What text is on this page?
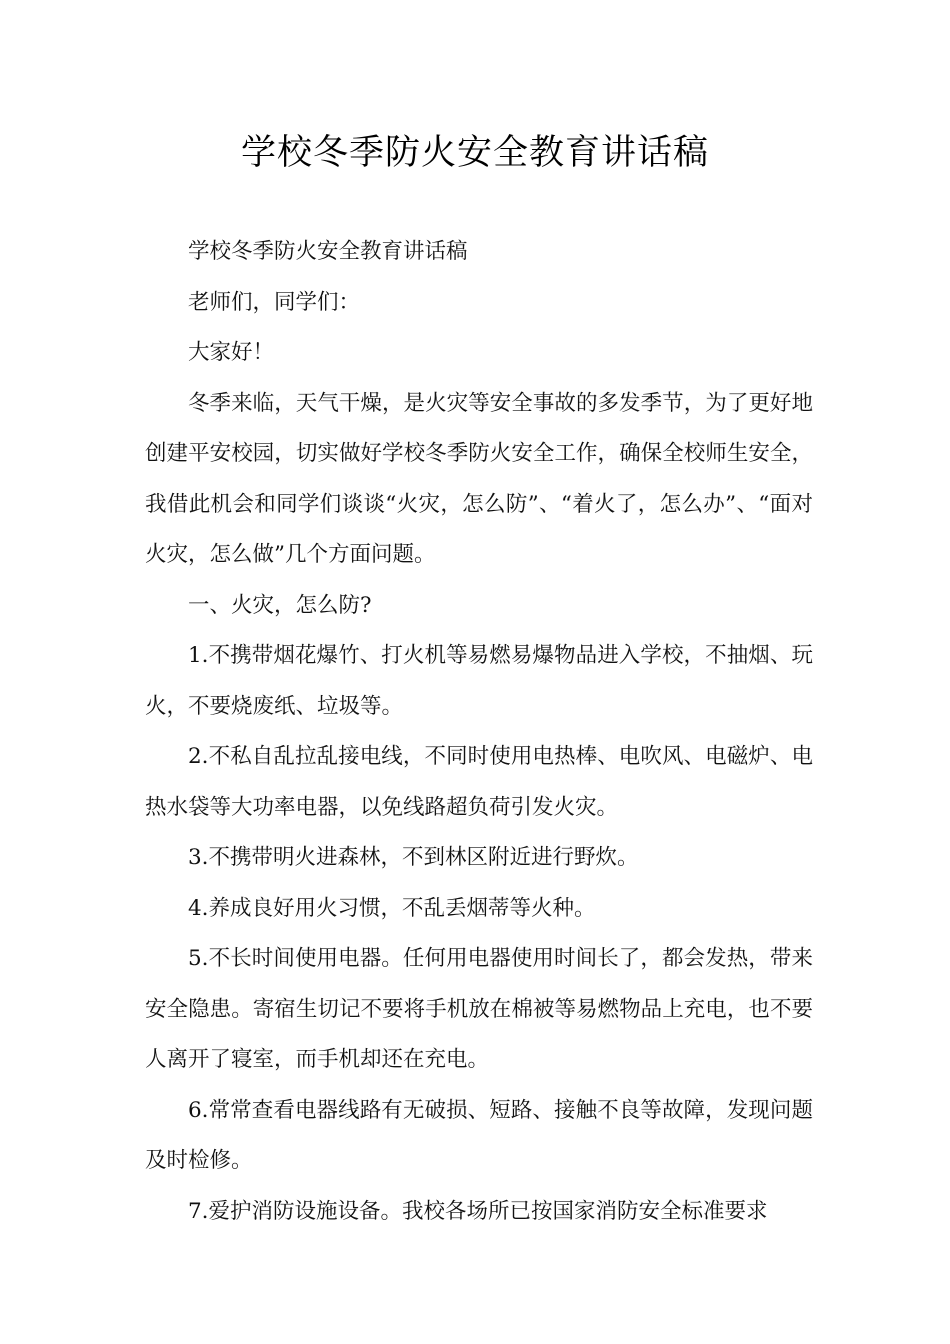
学校冬季防火安全教育讲话稿

学校冬季防火安全教育讲话稿

老师们，同学们：

大家好！

冬季来临，天气干燥，是火灾等安全事故的多发季节，为了更好地创建平安校园，切实做好学校冬季防火安全工作，确保全校师生安全，我借此机会和同学们谈谈“火灾，怎么防”、“着火了，怎么办”、“面对火灾，怎么做”几个方面问题。

一、火灾，怎么防?

1.不携带烟花爆竹、打火机等易燃易爆物品进入学校，不抽烟、玩火，不要烧废纸、垃圾等。

2.不私自乱拉乱接电线，不同时使用电热棒、电吹风、电磁炉、电热水袋等大功率电器，以免线路超负荷引发火灾。

3.不携带明火进森林，不到林区附近进行野炊。

4.养成良好用火习惯，不乱丢烟蒂等火种。

5.不长时间使用电器。任何用电器使用时间长了，都会发热，带来安全隐患。寄宿生切记不要将手机放在棉被等易燃物品上充电，也不要人离开了寝室，而手机却还在充电。

6.常常查看电器线路有无破损、短路、接触不良等故障，发现问题及时检修。

7.爱护消防设施设备。我校各场所已按国家消防安全标准要求
